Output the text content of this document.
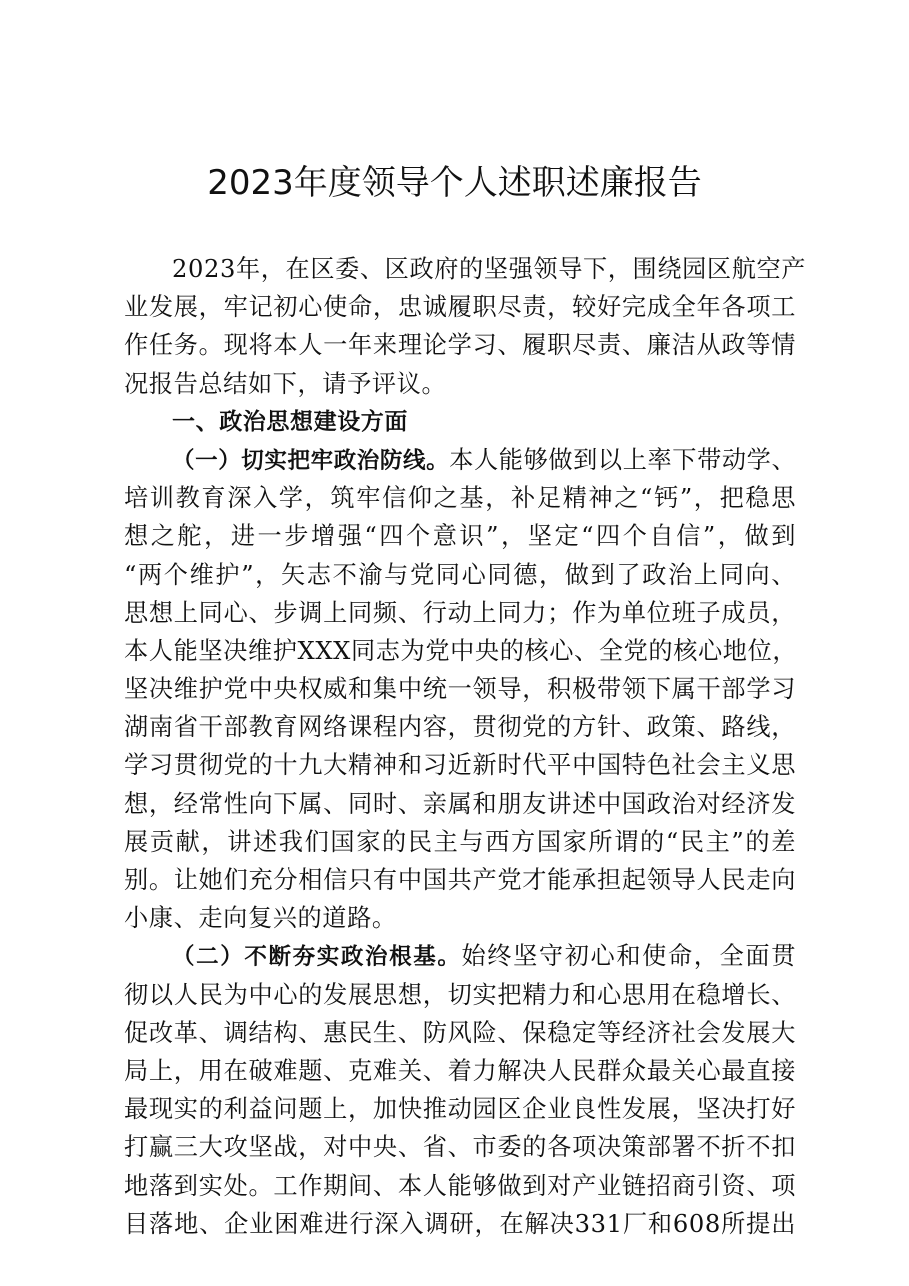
2023年度领导个人述职述廉报告
2023年，在区委、区政府的坚强领导下，围绕园区航空产
业发展，牢记初心使命，忠诚履职尽责，较好完成全年各项工
作任务。现将本人一年来理论学习、履职尽责、廉洁从政等情
况报告总结如下，请予评议。
一、政治思想建设方面
（一）切实把牢政治防线。本人能够做到以上率下带动学、
培训教育深入学，筑牢信仰之基，补足精神之“钙”，把稳思
想之舵，进一步增强“四个意识”，坚定“四个自信”，做到
“两个维护”，矢志不渝与党同心同德，做到了政治上同向、
思想上同心、步调上同频、行动上同力；作为单位班子成员，
本人能坚决维护XXX同志为党中央的核心、全党的核心地位，
坚决维护党中央权威和集中统一领导，积极带领下属干部学习
湖南省干部教育网络课程内容，贯彻党的方针、政策、路线，
学习贯彻党的十九大精神和习近新时代平中国特色社会主义思
想，经常性向下属、同时、亲属和朋友讲述中国政治对经济发
展贡献，讲述我们国家的民主与西方国家所谓的“民主”的差
别。让她们充分相信只有中国共产党才能承担起领导人民走向
小康、走向复兴的道路。
（二）不断夯实政治根基。始终坚守初心和使命，全面贯
彻以人民为中心的发展思想，切实把精力和心思用在稳增长、
促改革、调结构、惠民生、防风险、保稳定等经济社会发展大
局上，用在破难题、克难关、着力解决人民群众最关心最直接
最现实的利益问题上，加快推动园区企业良性发展，坚决打好
打赢三大攻坚战，对中央、省、市委的各项决策部署不折不扣
地落到实处。工作期间、本人能够做到对产业链招商引资、项
目落地、企业困难进行深入调研，在解决331厂和608所提出
